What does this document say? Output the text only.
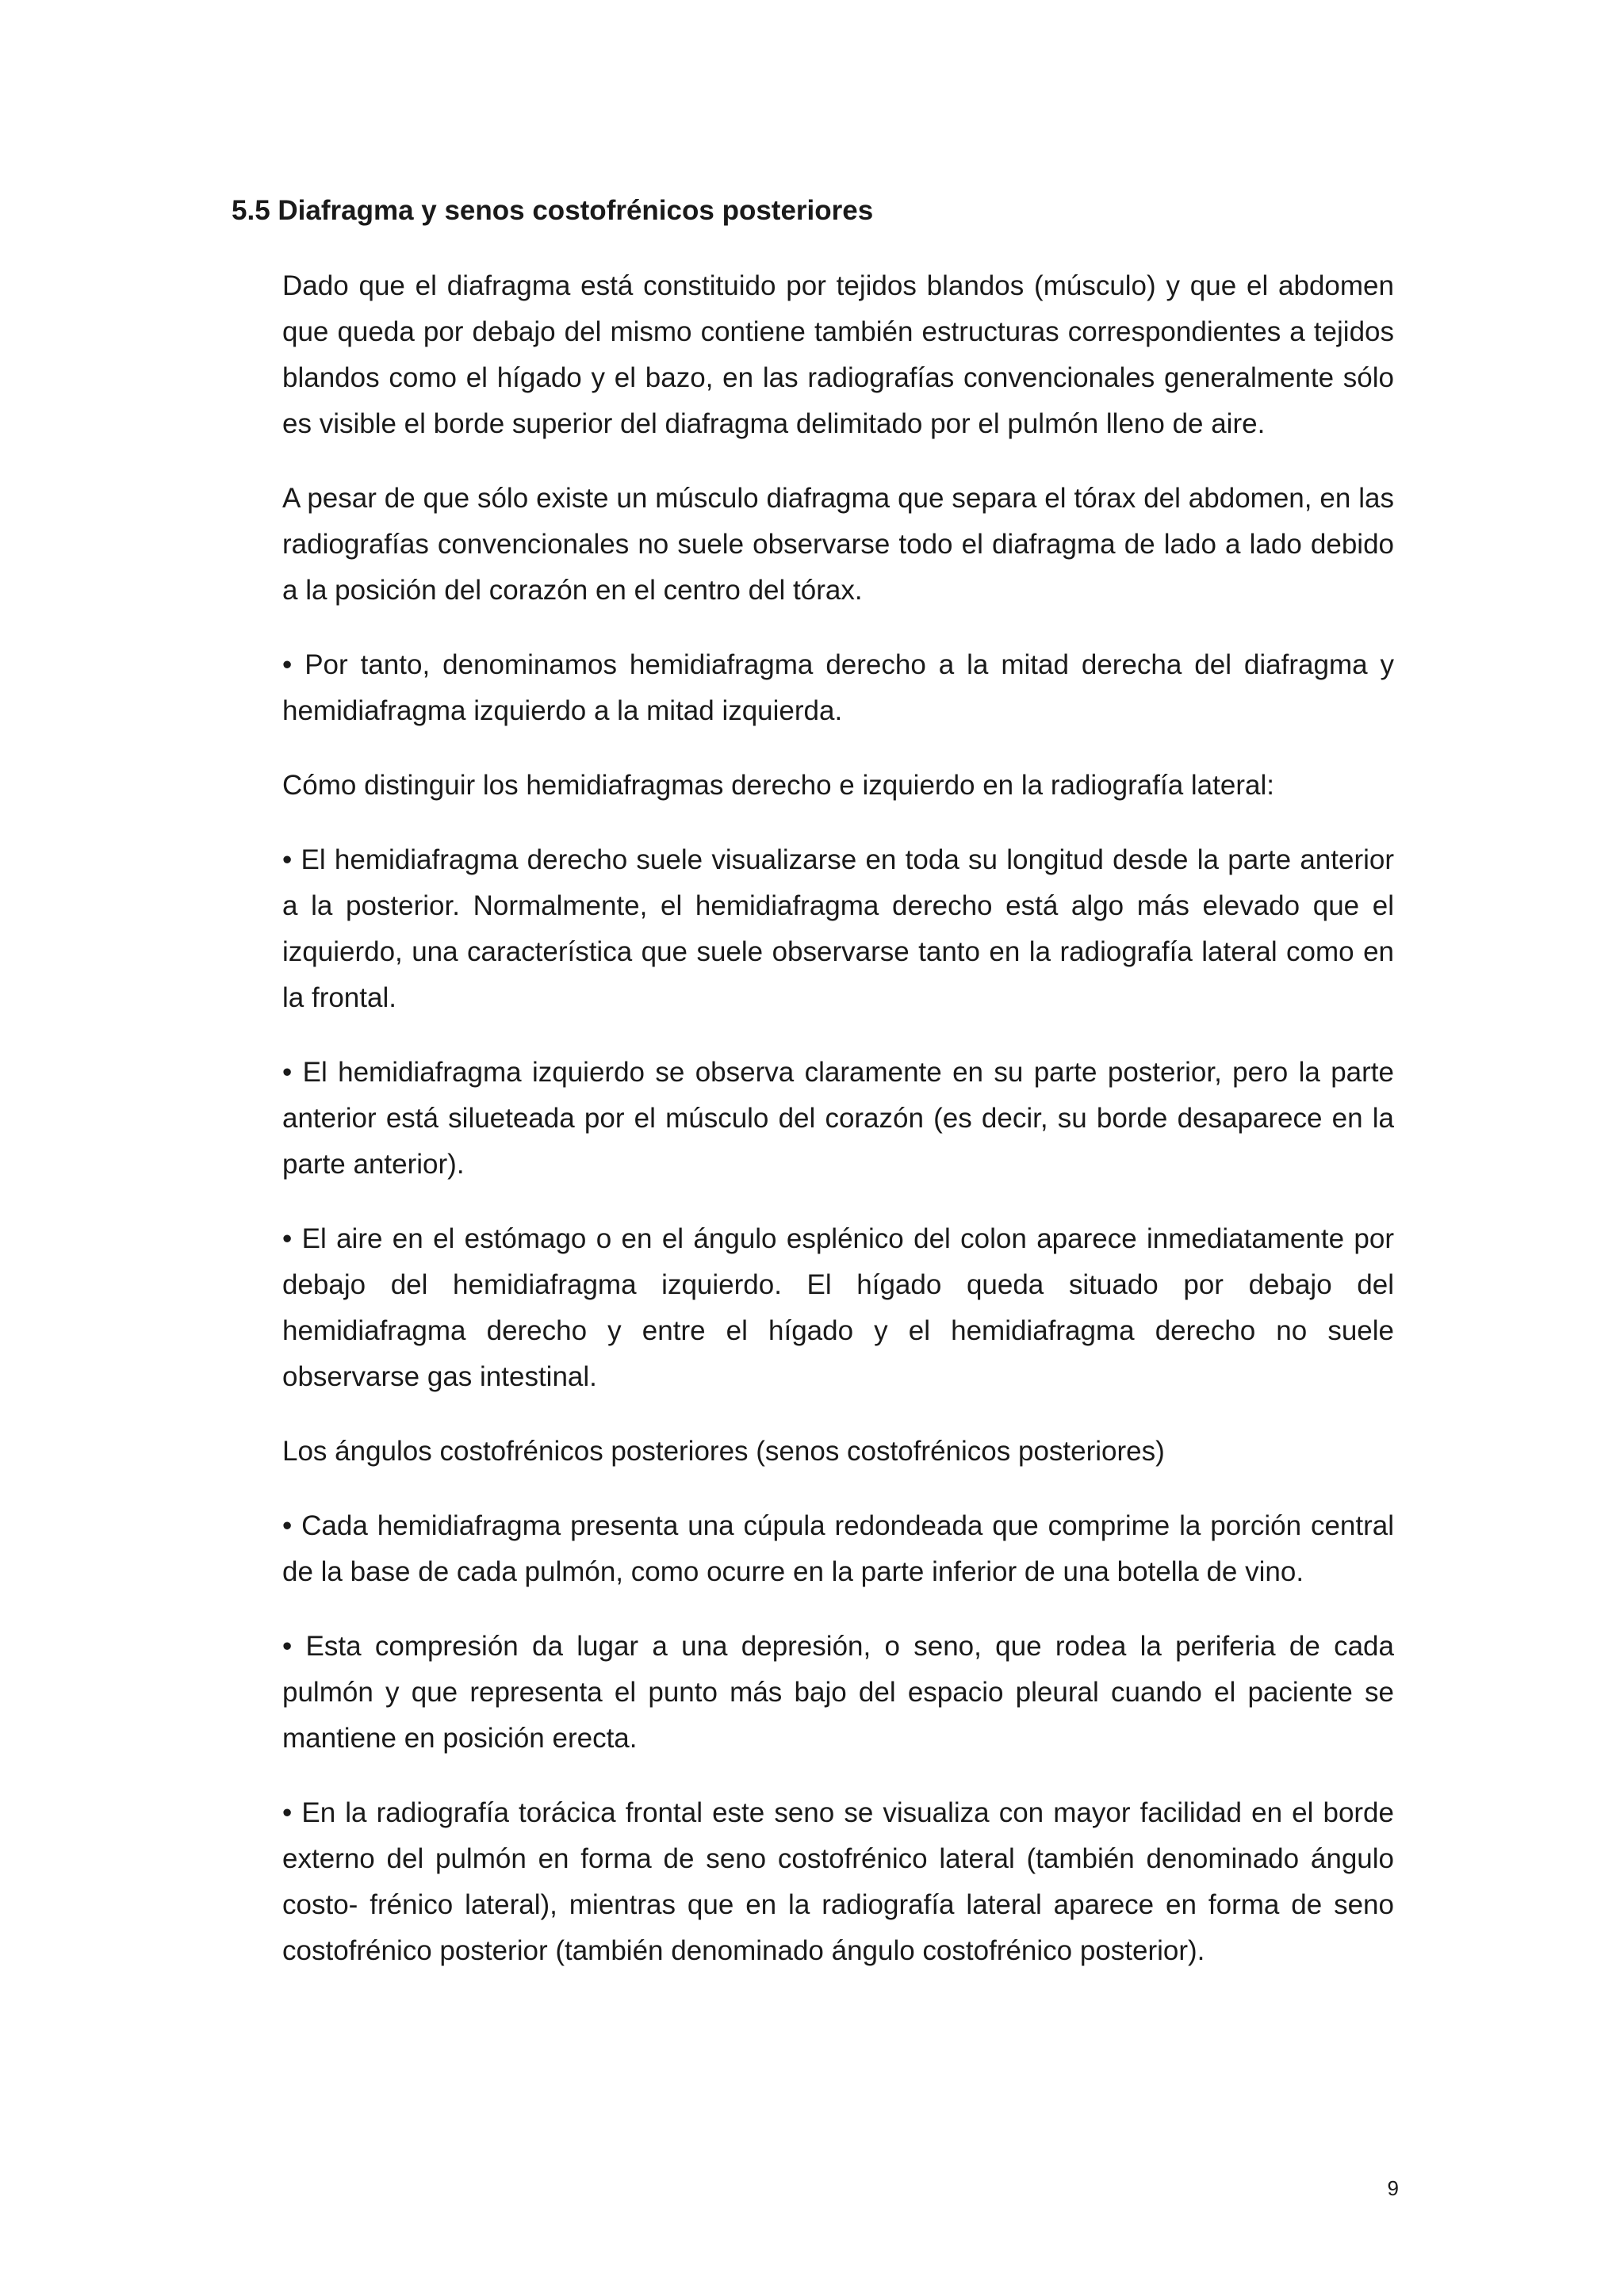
5.5 Diafragma y senos costofrénicos posteriores

Dado que el diafragma está constituido por tejidos blandos (músculo) y que el abdomen que queda por debajo del mismo contiene también estructuras correspondientes a tejidos blandos como el hígado y el bazo, en las radiografías convencionales generalmente sólo es visible el borde superior del diafragma delimitado por el pulmón lleno de aire.

A pesar de que sólo existe un músculo diafragma que separa el tórax del abdomen, en las radiografías convencionales no suele observarse todo el diafragma de lado a lado debido a la posición del corazón en el centro del tórax.

• Por tanto, denominamos hemidiafragma derecho a la mitad derecha del diafragma y hemidiafragma izquierdo a la mitad izquierda.

Cómo distinguir los hemidiafragmas derecho e izquierdo en la radiografía lateral:

• El hemidiafragma derecho suele visualizarse en toda su longitud desde la parte anterior a la posterior. Normalmente, el hemidiafragma derecho está algo más elevado que el izquierdo, una característica que suele observarse tanto en la radiografía lateral como en la frontal.

• El hemidiafragma izquierdo se observa claramente en su parte posterior, pero la parte anterior está silueteada por el músculo del corazón (es decir, su borde desaparece en la parte anterior).

• El aire en el estómago o en el ángulo esplénico del colon aparece inmediatamente por debajo del hemidiafragma izquierdo. El hígado queda situado por debajo del hemidiafragma derecho y entre el hígado y el hemidiafragma derecho no suele observarse gas intestinal.

Los ángulos costofrénicos posteriores (senos costofrénicos posteriores)

• Cada hemidiafragma presenta una cúpula redondeada que comprime la porción central de la base de cada pulmón, como ocurre en la parte inferior de una botella de vino.

• Esta compresión da lugar a una depresión, o seno, que rodea la periferia de cada pulmón y que representa el punto más bajo del espacio pleural cuando el paciente se mantiene en posición erecta.

• En la radiografía torácica frontal este seno se visualiza con mayor facilidad en el borde externo del pulmón en forma de seno costofrénico lateral (también denominado ángulo costo- frénico lateral), mientras que en la radiografía lateral aparece en forma de seno costofrénico posterior (también denominado ángulo costofrénico posterior).

9
